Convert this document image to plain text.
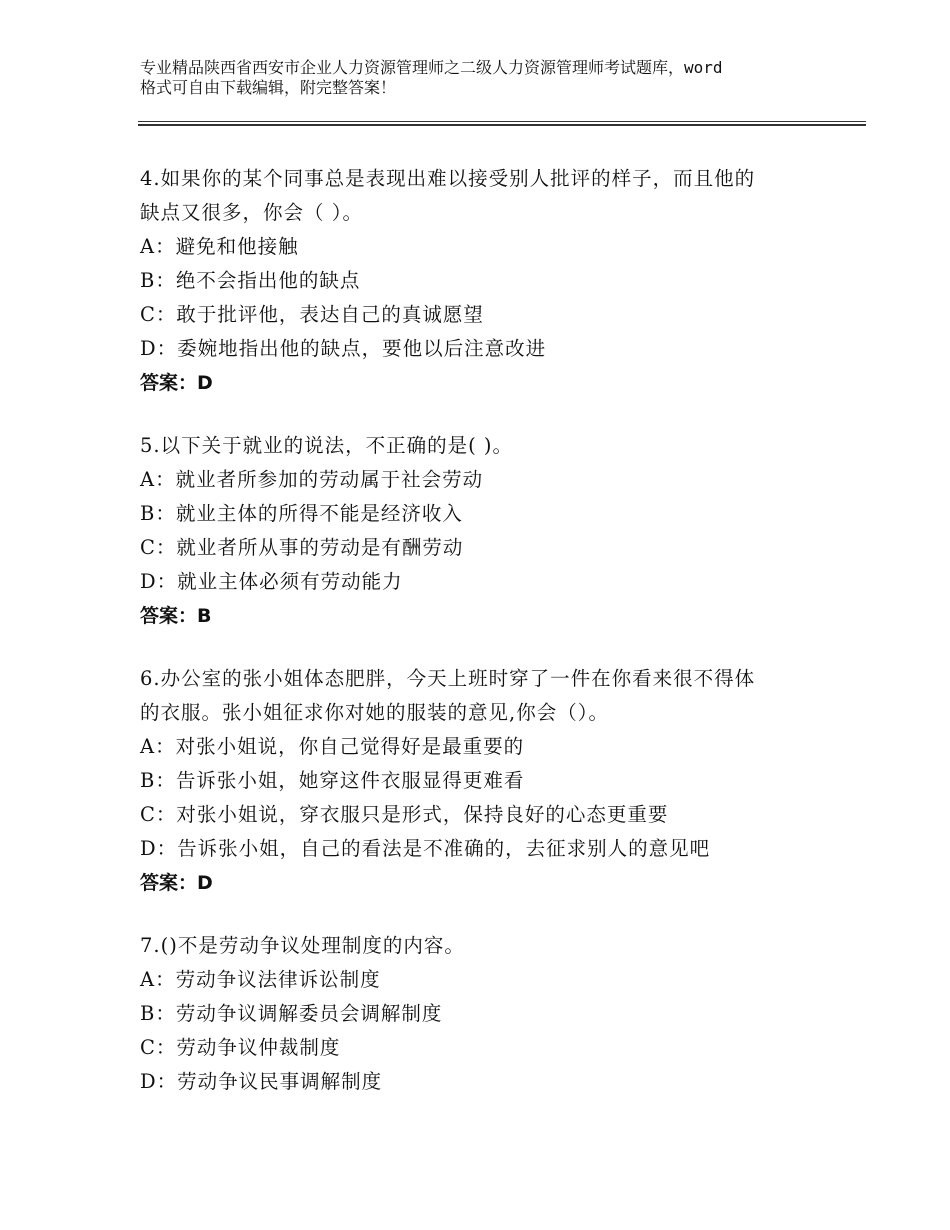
专业精品陕西省西安市企业人力资源管理师之二级人力资源管理师考试题库，word
格式可自由下载编辑，附完整答案！
4.如果你的某个同事总是表现出难以接受别人批评的样子，而且他的
缺点又很多，你会（ ）。
A：避免和他接触
B：绝不会指出他的缺点
C：敢于批评他，表达自己的真诚愿望
D：委婉地指出他的缺点，要他以后注意改进
答案：D
5.以下关于就业的说法，不正确的是( )。
A：就业者所参加的劳动属于社会劳动
B：就业主体的所得不能是经济收入
C：就业者所从事的劳动是有酬劳动
D：就业主体必须有劳动能力
答案：B
6.办公室的张小姐体态肥胖，今天上班时穿了一件在你看来很不得体
的衣服。张小姐征求你对她的服装的意见,你会（）。
A：对张小姐说，你自己觉得好是最重要的
B：告诉张小姐，她穿这件衣服显得更难看
C：对张小姐说，穿衣服只是形式，保持良好的心态更重要
D：告诉张小姐，自己的看法是不准确的，去征求别人的意见吧
答案：D
7.()不是劳动争议处理制度的内容。
A：劳动争议法律诉讼制度
B：劳动争议调解委员会调解制度
C：劳动争议仲裁制度
D：劳动争议民事调解制度
